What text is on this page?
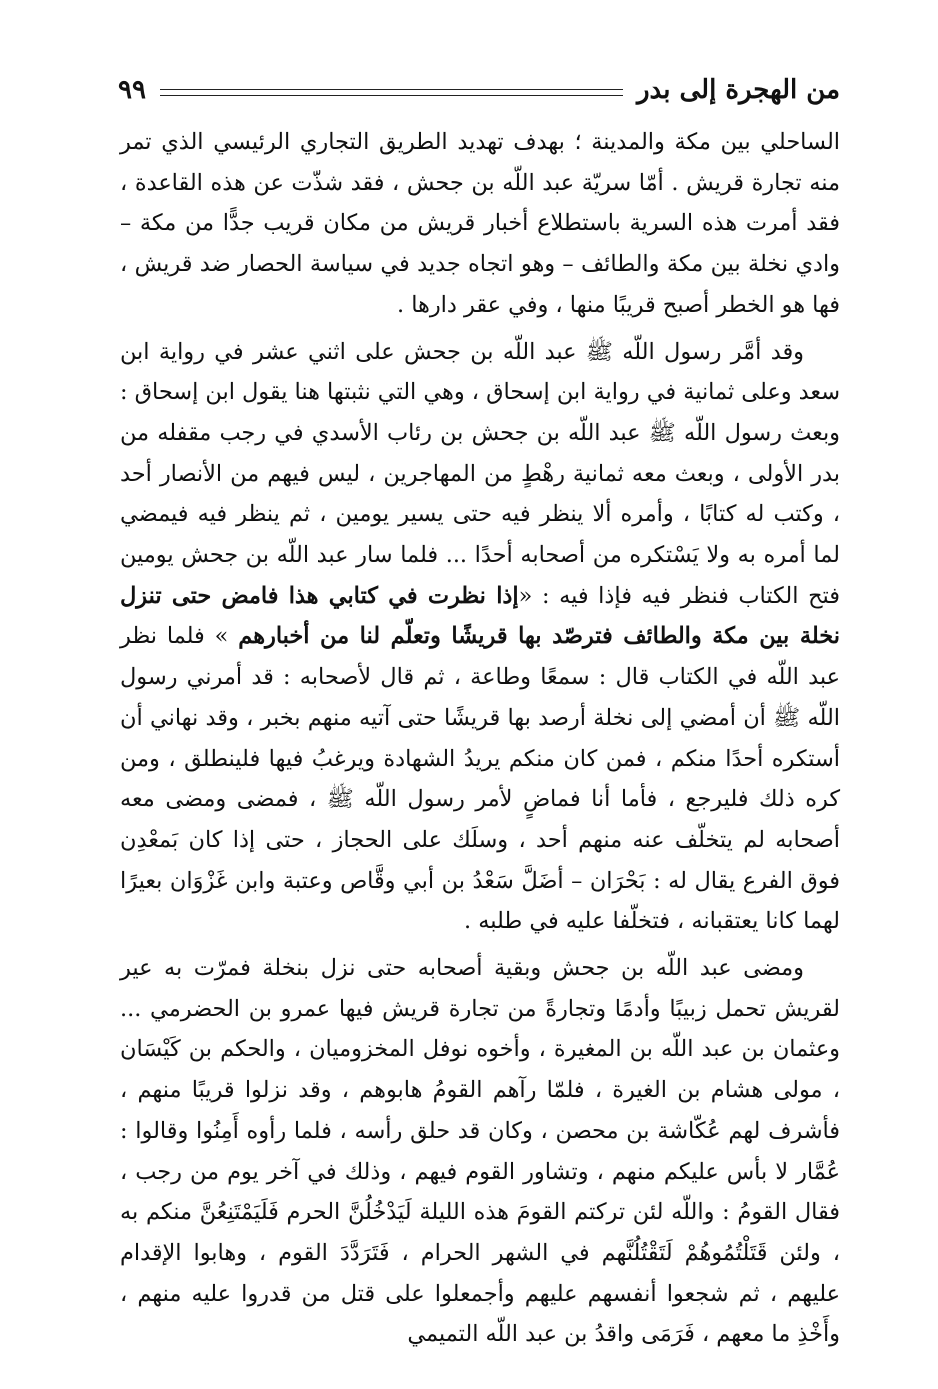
من الهجرة إلى بدر
٩٩

الساحلي بين مكة والمدينة ؛ بهدف تهديد الطريق التجاري الرئيسي الذي تمر منه تجارة قريش . أمّا سريّة عبد اللّه بن جحش ، فقد شذّت عن هذه القاعدة ، فقد أمرت هذه السرية باستطلاع أخبار قريش من مكان قريب جدًّا من مكة – وادي نخلة بين مكة والطائف – وهو اتجاه جديد في سياسة الحصار ضد قريش ، فها هو الخطر أصبح قريبًا منها ، وفي عقر دارها .

وقد أمَّر رسول اللّه ﷺ عبد اللّه بن جحش على اثني عشر في رواية ابن سعد وعلى ثمانية في رواية ابن إسحاق ، وهي التي نثبتها هنا يقول ابن إسحاق : وبعث رسول اللّه ﷺ عبد اللّه بن جحش بن رئاب الأسدي في رجب مقفله من بدر الأولى ، وبعث معه ثمانية رهْطٍ من المهاجرين ، ليس فيهم من الأنصار أحد ، وكتب له كتابًا ، وأمره ألا ينظر فيه حتى يسير يومين ، ثم ينظر فيه فيمضي لما أمره به ولا يَسْتكره من أصحابه أحدًا ... فلما سار عبد اللّه بن جحش يومين فتح الكتاب فنظر فيه فإذا فيه : «إذا نظرت في كتابي هذا فامض حتى تنزل نخلة بين مكة والطائف فترصّد بها قريشًا وتعلّم لنا من أخبارهم » فلما نظر عبد اللّه في الكتاب قال : سمعًا وطاعة ، ثم قال لأصحابه : قد أمرني رسول اللّه ﷺ أن أمضي إلى نخلة أرصد بها قريشًا حتى آتيه منهم بخبر ، وقد نهاني أن أستكره أحدًا منكم ، فمن كان منكم يريدُ الشهادة ويرغبُ فيها فلينطلق ، ومن كره ذلك فليرجع ، فأما أنا فماضٍ لأمر رسول اللّه ﷺ ، فمضى ومضى معه أصحابه لم يتخلّف عنه منهم أحد ، وسلَك على الحجاز ، حتى إذا كان بَمعْدِن فوق الفرع يقال له : بَحْرَان – أضَلَّ سَعْدُ بن أبي وقَّاص وعتبة وابن غَزْوَان بعيرًا لهما كانا يعتقبانه ، فتخلّفا عليه في طلبه .

ومضى عبد اللّه بن جحش وبقية أصحابه حتى نزل بنخلة فمرّت به عير لقريش تحمل زبيبًا وأدمًا وتجارةً من تجارة قريش فيها عمرو بن الحضرمي ... وعثمان بن عبد اللّه بن المغيرة ، وأخوه نوفل المخزوميان ، والحكم بن كَيْسَان ، مولى هشام بن الغيرة ، فلمّا رآهم القومُ هابوهم ، وقد نزلوا قريبًا منهم ، فأشرف لهم عُكّاشة بن محصن ، وكان قد حلق رأسه ، فلما رأوه أَمِنُوا وقالوا : عُمَّار لا بأس عليكم منهم ، وتشاور القوم فيهم ، وذلك في آخر يوم من رجب ، فقال القومُ : واللّه لئن تركتم القومَ هذه الليلة لَيَدْخُلُنَّ الحرم فَلَيَمْتَنِعُنَّ منكم به ، ولئن قَتَلْتُمُوهُمْ لَتَقْتُلُنَّهم في الشهر الحرام ، فَتَرَدَّدَ القوم ، وهابوا الإقدام عليهم ، ثم شجعوا أنفسهم عليهم وأجمعلوا على قتل من قدروا عليه منهم ، وأَخْذِ ما معهم ، فَرَمَى واقدُ بن عبد اللّه التميمي
